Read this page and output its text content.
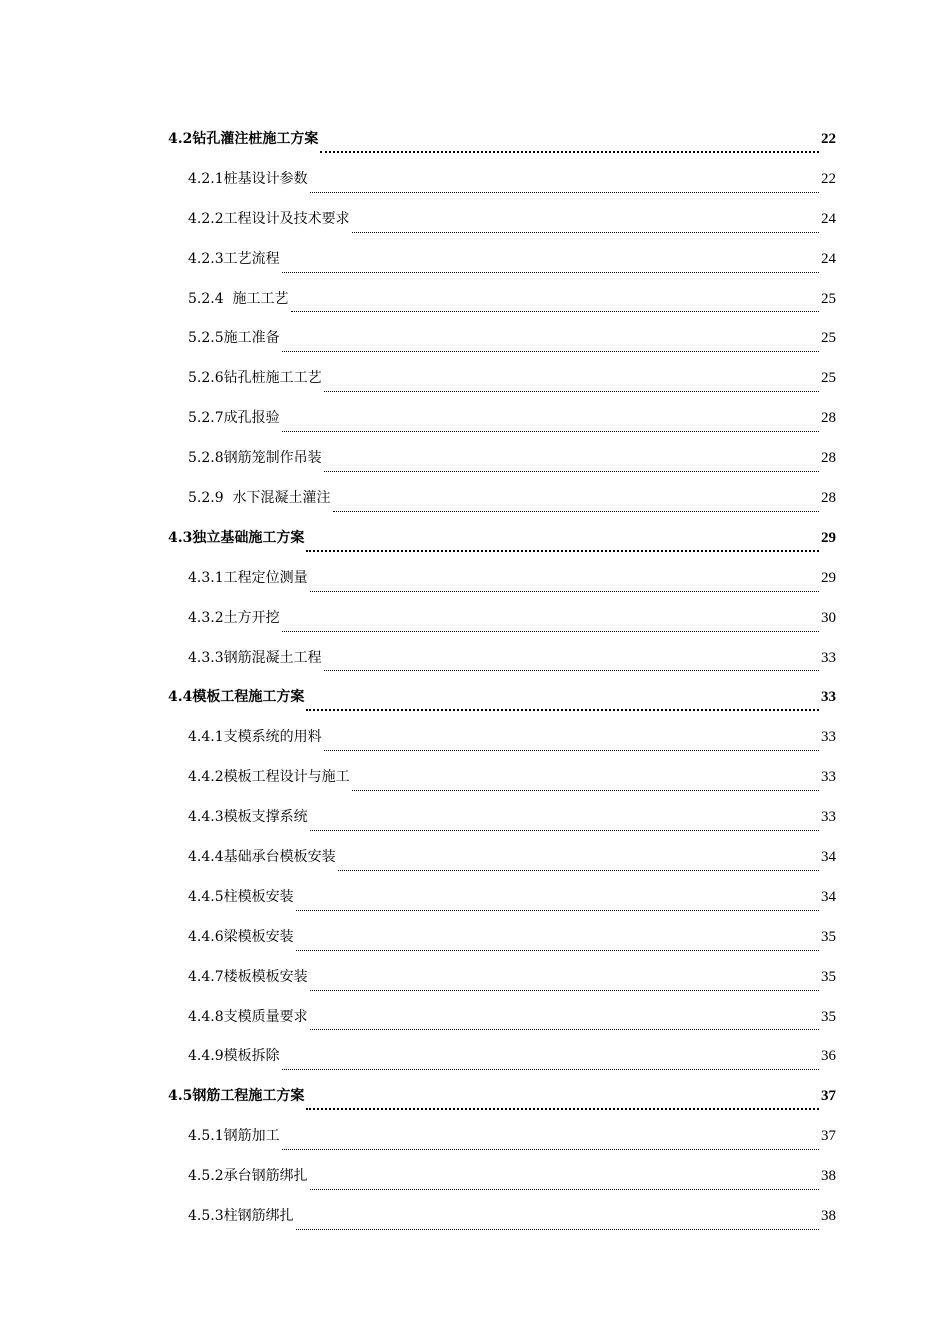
4.2钻孔灌注桩施工方案	22
4.2.1桩基设计参数	22
4.2.2工程设计及技术要求	24
4.2.3工艺流程	24
5.2.4  施工工艺	25
5.2.5施工准备	25
5.2.6钻孔桩施工工艺	25
5.2.7成孔报验	28
5.2.8钢筋笼制作吊装	28
5.2.9  水下混凝土灌注	28
4.3独立基础施工方案	29
4.3.1工程定位测量	29
4.3.2土方开挖	30
4.3.3钢筋混凝土工程	33
4.4模板工程施工方案	33
4.4.1支模系统的用料	33
4.4.2模板工程设计与施工	33
4.4.3模板支撑系统	33
4.4.4基础承台模板安装	34
4.4.5柱模板安装	34
4.4.6梁模板安装	35
4.4.7楼板模板安装	35
4.4.8支模质量要求	35
4.4.9模板拆除	36
4.5钢筋工程施工方案	37
4.5.1钢筋加工	37
4.5.2承台钢筋绑扎	38
4.5.3柱钢筋绑扎	38
